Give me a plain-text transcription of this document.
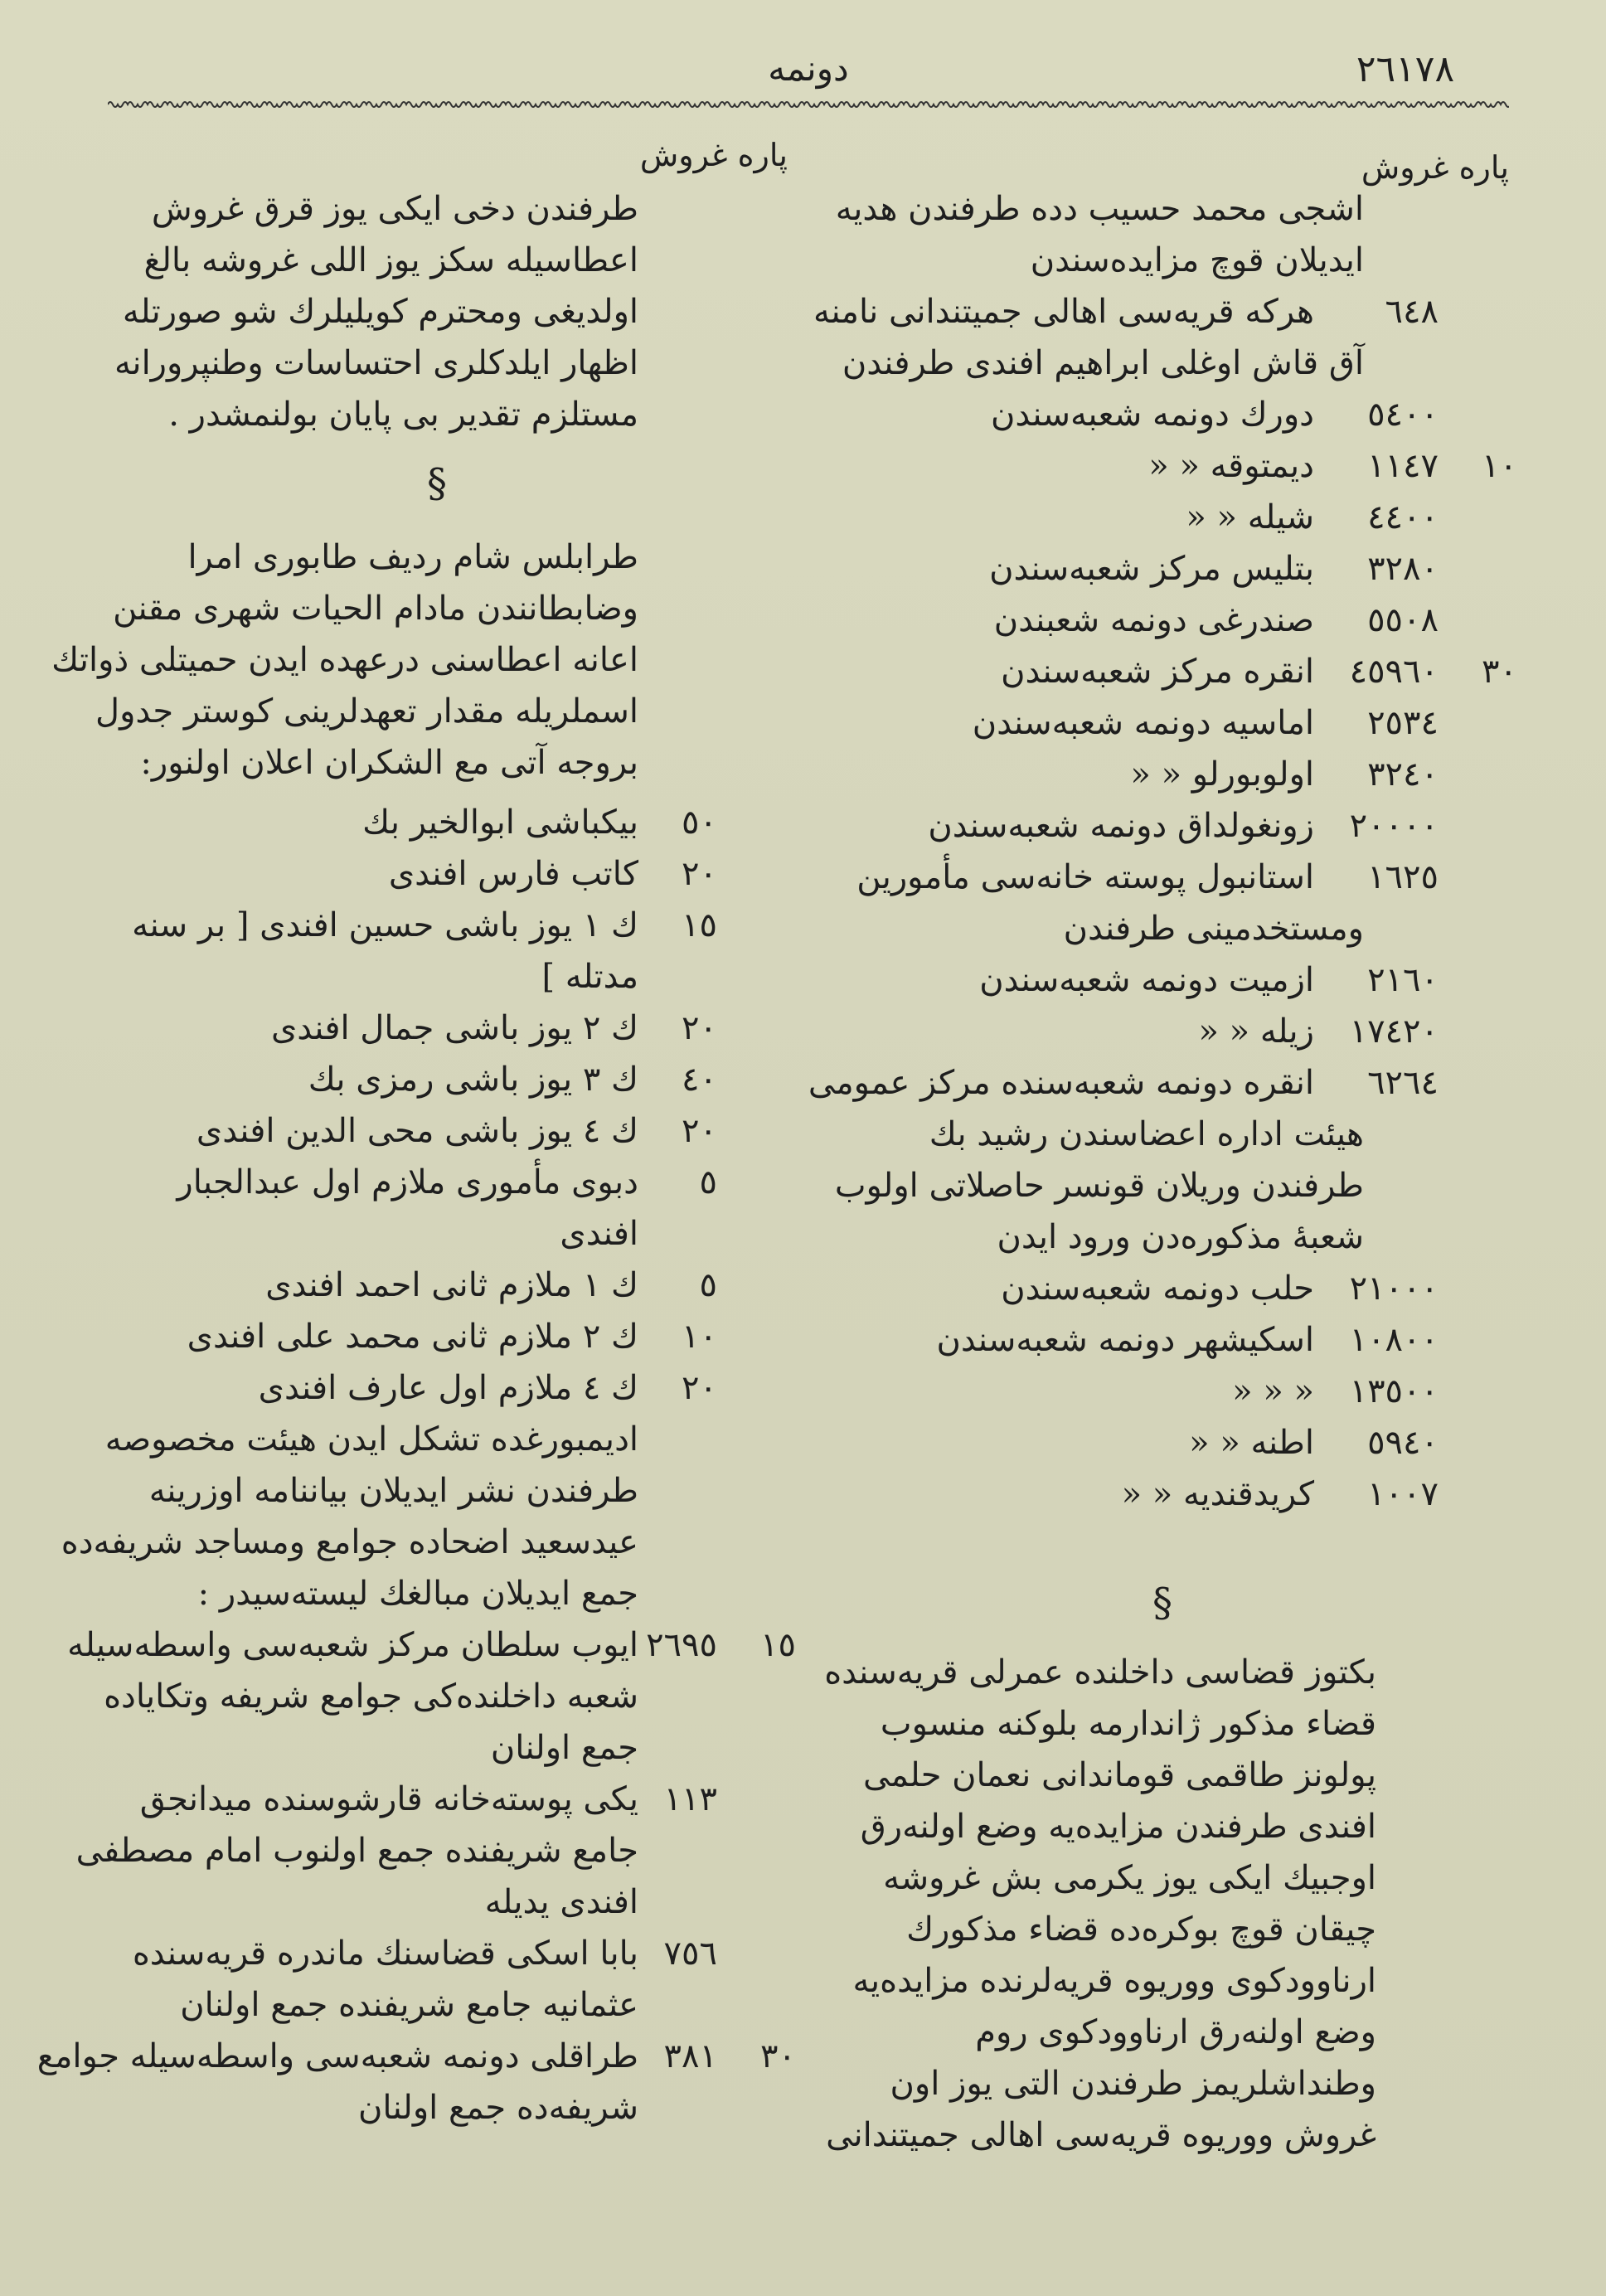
دونمه	٢٦١٧٨
پاره غروش
پاره غروش
اشجی محمد حسیب دده طرفندن هدیه
ایدیلان قوچ مزایده‌سندن
٦٤٨
هرکه قریه‌سی اهالی جمیتندانی نامنه
آق قاش اوغلی ابراهیم افندی طرفندن
٥٤٠٠
دورك دونمه شعبه‌سندن
١٠
١١٤٧
دیمتوقه « «
٤٤٠٠
شیله « «
٣٢٨٠
بتلیس مرکز شعبه‌سندن
٥٥٠٨
صندرغی دونمه شعبندن
٣٠
٤٥٩٦٠
انقره مرکز شعبه‌سندن
٢٥٣٤
اماسیه دونمه شعبه‌سندن
٣٢٤٠
اولوبورلو « «
٢٠٠٠٠
زونغولداق دونمه شعبه‌سندن
١٦٢٥
استانبول پوسته خانه‌سی مأمورین
ومستخدمینی طرفندن
٢١٦٠
ازمیت دونمه شعبه‌سندن
١٧٤٢٠
زیله « «
٦٢٦٤
انقره دونمه شعبه‌سنده مرکز عمومی
هیئت اداره اعضاسندن رشید بك
طرفندن وریلان قونسر حاصلاتی اولوب
شعبهٔ مذکوره‌دن ورود ایدن
٢١٠٠٠
حلب دونمه شعبه‌سندن
١٠٨٠٠
اسکیشهر دونمه شعبه‌سندن
١٣٥٠٠
« « «
٥٩٤٠
اطنه « «
١٠٠٧
کریدقندیه « «
بکتوز قضاسی داخلنده عمرلی قریه‌سنده
قضاء مذکور ژاندارمه بلوکنه منسوب
پولونز طاقمی قوماندانی نعمان حلمی
افندی طرفندن مزایده‌یه وضع اولنه‌رق
اوجبیك ایکی یوز یکرمی بش غروشه
چیقان قوچ بوکره‌ده قضاء مذکورك
ارناوودکوی ووریوه قریه‌لرنده مزایده‌یه
وضع اولنه‌رق ارناوودکوی روم
وطنداشلریمز طرفندن التی یوز اون
غروش ووریوه قریه‌سی اهالی جمیتندانی
طرفندن دخی ایکی یوز قرق غروش
اعطاسیله سکز یوز اللی غروشه بالغ
اولدیغی ومحترم کویلیلرك شو صورتله
اظهار ایلدکلری احتساسات وطنپرورانه
مستلزم تقدیر بی پایان بولنمشدر .
طرابلس شام ردیف طابوری امرا
وضابطانندن مادام الحیات شهری مقنن
اعانه اعطاسنی درعهده ایدن حمیتلی ذواتك
اسملریله مقدار تعهدلرینی کوستر جدول
بروجه آتی مع الشکران اعلان اولنور:
٥٠
بیکباشی ابوالخیر بك
٢٠
کاتب فارس افندی
١٥
ك ١ یوز باشی حسین افندی [ بر سنه
مدتله ]
٢٠
ك ٢ یوز باشی جمال افندی
٤٠
ك ٣ یوز باشی رمزی بك
٢٠
ك ٤ یوز باشی محی الدین افندی
٥
دبوی مأموری ملازم اول عبدالجبار
افندی
٥
ك ١ ملازم ثانی احمد افندی
١٠
ك ٢ ملازم ثانی محمد علی افندی
٢٠
ك ٤ ملازم اول عارف افندی
ادیمبورغده تشکل ایدن هیئت مخصوصه
طرفندن نشر ایدیلان بیاننامه اوزرینه
عیدسعید اضحاده جوامع ومساجد شریفه‌ده
جمع ایدیلان مبالغك لیسته‌سیدر :
١٥
٢٦٩٥
ایوب سلطان مرکز شعبه‌سی واسطه‌سیله
شعبه داخلنده‌کی جوامع شریفه وتکایاده
جمع اولنان
١١٣
یکی پوسته‌خانه قارشوسنده میدانجق
جامع شریفنده جمع اولنوب امام مصطفی
افندی یدیله
٧٥٦
بابا اسکی قضاسنك ماندره قریه‌سنده
عثمانیه جامع شریفنده جمع اولنان
٣٠
٣٨١
طراقلی دونمه شعبه‌سی واسطه‌سیله جوامع
شریفه‌ده جمع اولنان
§
§
